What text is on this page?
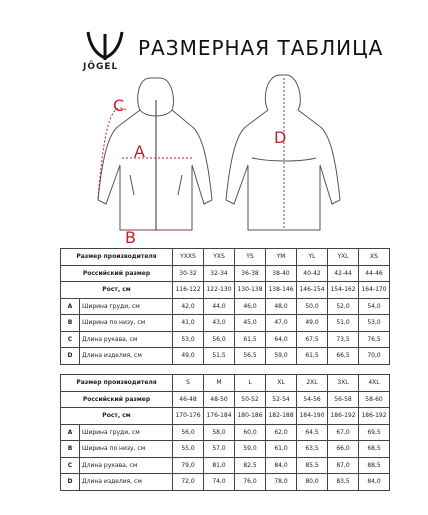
JÖGEL
РАЗМЕРНАЯ ТАБЛИЦА
A
B
Размер производителя		YXXS	YXS	YS	YM	YL	YXL	XS
Российский размер		30-32	32-34	36-38	38-40	40-42	42-44	44-46
Рост, см		116-122	122-130	130-138	138-146	146-154	154-162	164-170
A	Ширина груди, см	42,0	44,0	46,0	48,0	50,0	52,0	54,0
B	Ширина по низу, см	41,0	43,0	45,0	47,0	49,0	51,0	53,0
C	Длина рукава, см	53,0	56,0	61,5	64,0	67,5	73,5	76,5
D	Длина изделия, см	49,0	51,5	56,5	59,0	61,5	66,5	70,0
Размер производителя		S	M	L	XL	2XL	3XL	4XL
Российский размер		46-48	48-50	50-52	52-54	54-56	56-58	58-60
Рост, см		170-176	176-184	180-186	182-188	184-190	186-192	186-192
A	Ширина груди, см	56,0	58,0	60,0	62,0	64,5	67,0	69,5
B	Ширина по низу, см	55,0	57,0	59,0	61,0	63,5	66,0	68,5
C	Длина рукава, см	79,0	81,0	82,5	84,0	85,5	87,0	88,5
D	Длина изделия, см	72,0	74,0	76,0	78,0	80,0	83,5	84,0
C
D
